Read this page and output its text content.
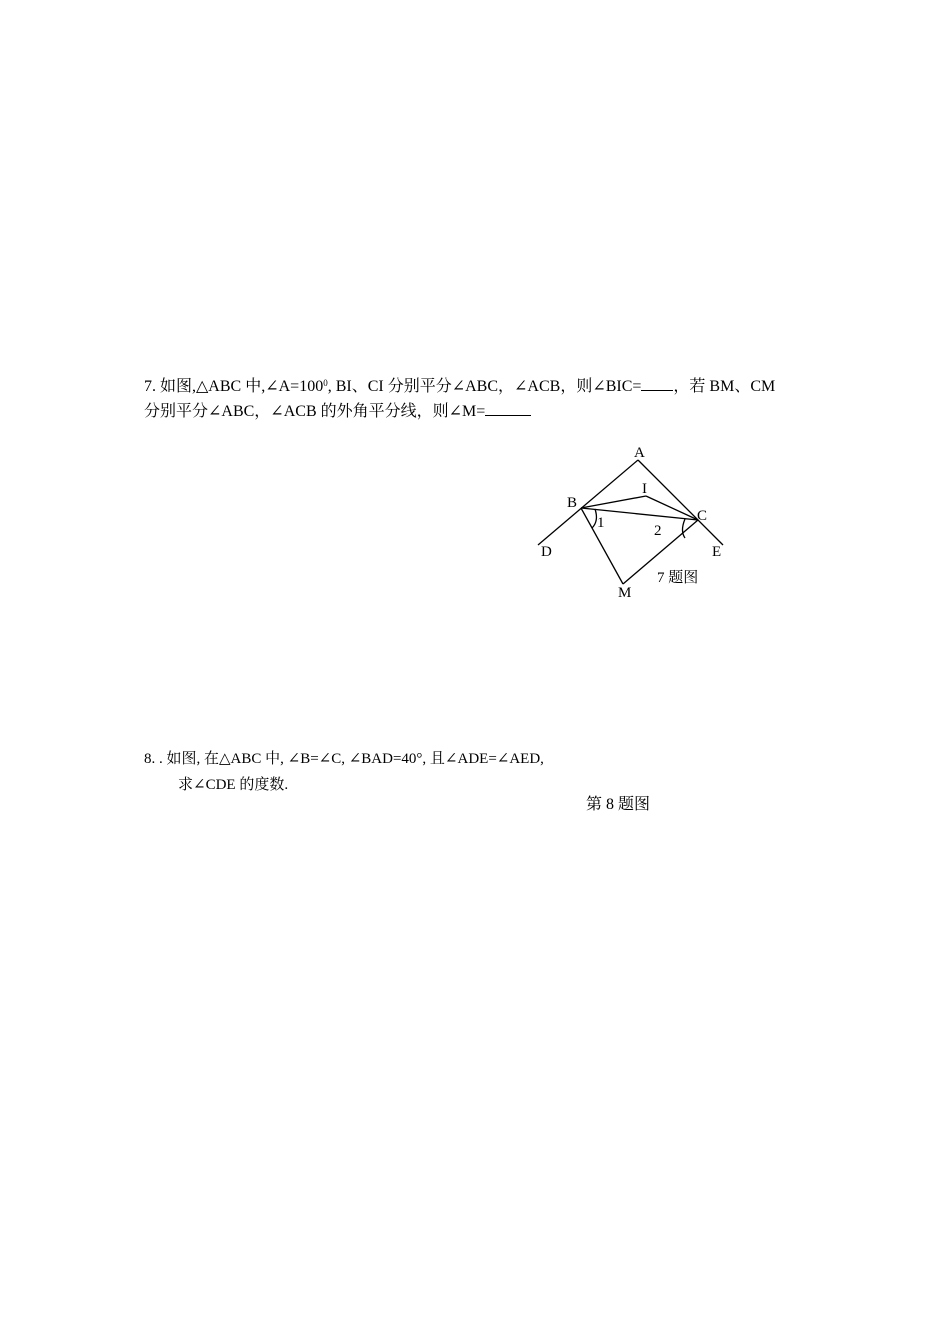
7. 如图,△ABC 中$,\angle A=100^0$, BI、CI 分别平分∠ABC，∠ACB，则∠BIC= ，若 BM、CM
分别平分∠ABC，∠ACB 的外角平分线，则∠M=
A
B
I
C
1	2
D	E
M
7 题图
8. . 如图, 在△ABC 中, ∠B=∠C, ∠BAD=40°, 且∠ADE=∠AED,
求∠CDE 的度数.
第 8 题图
